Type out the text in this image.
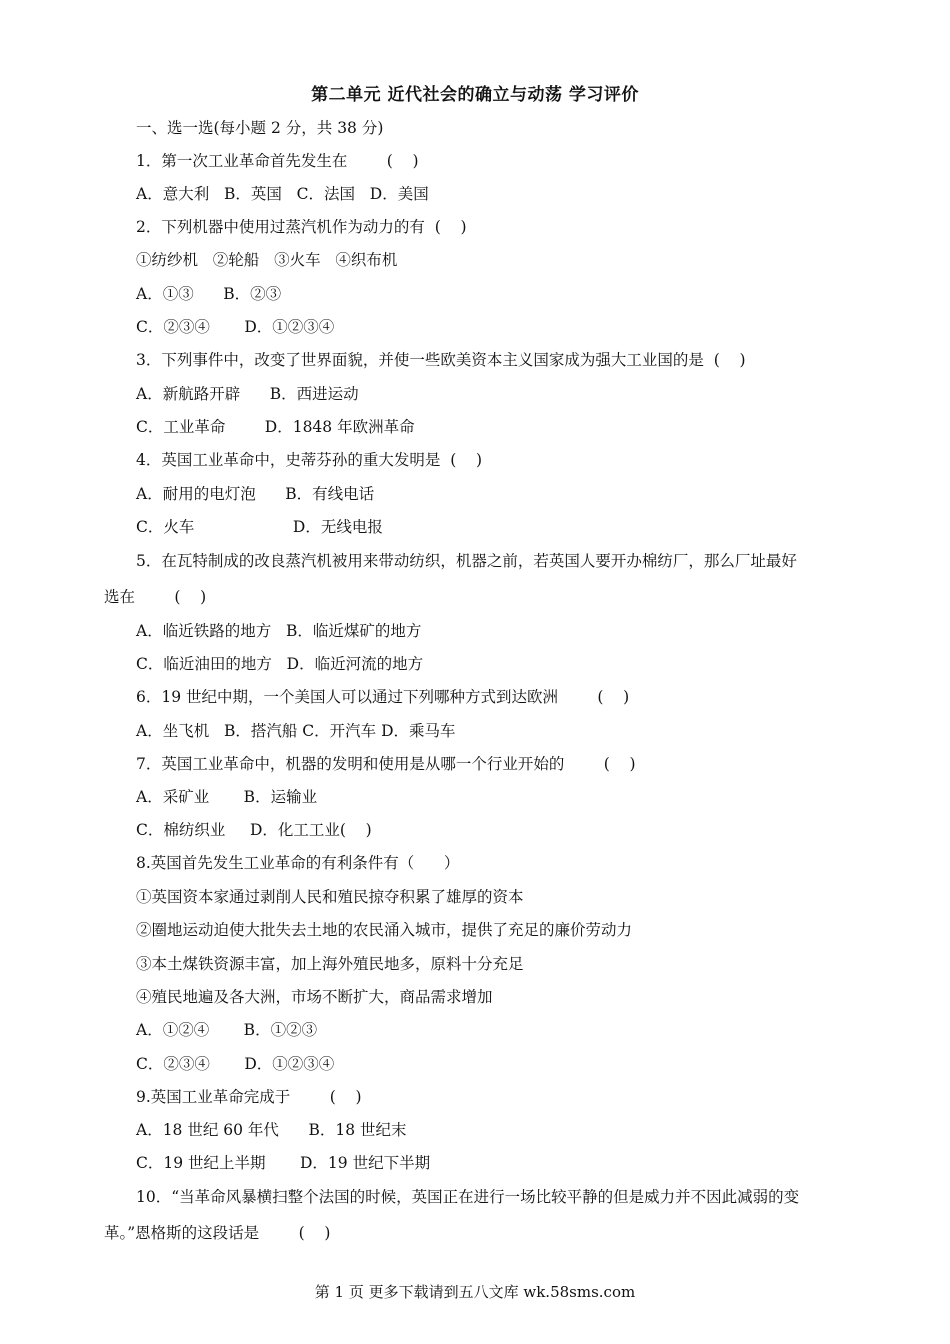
第二单元 近代社会的确立与动荡 学习评价
一、选一选(每小题 2 分，共 38 分)
1．第一次工业革命首先发生在        (    )
A．意大利   B．英国   C．法国   D．美国
2．下列机器中使用过蒸汽机作为动力的有  (    )
①纺纱机   ②轮船   ③火车   ④织布机
A．①③      B．②③
C．②③④       D．①②③④
3．下列事件中，改变了世界面貌，并使一些欧美资本主义国家成为强大工业国的是  (    )
A．新航路开辟      B．西进运动
C．工业革命        D．1848 年欧洲革命
4．英国工业革命中，史蒂芬孙的重大发明是  (    )
A．耐用的电灯泡      B．有线电话
C．火车                    D．无线电报
5．在瓦特制成的改良蒸汽机被用来带动纺织，机器之前，若英国人要开办棉纺厂，那么厂址最好
选在        (    )
A．临近铁路的地方   B．临近煤矿的地方
C．临近油田的地方   D．临近河流的地方
6．19 世纪中期，一个美国人可以通过下列哪种方式到达欧洲        (    )
A．坐飞机   B．搭汽船 C．开汽车 D．乘马车
7．英国工业革命中，机器的发明和使用是从哪一个行业开始的        (    )
A．采矿业       B．运输业
C．棉纺织业     D．化工工业(    )
8.英国首先发生工业革命的有利条件有（      ）
①英国资本家通过剥削人民和殖民掠夺积累了雄厚的资本
②圈地运动迫使大批失去土地的农民涌入城市，提供了充足的廉价劳动力
③本土煤铁资源丰富，加上海外殖民地多，原料十分充足
④殖民地遍及各大洲，市场不断扩大，商品需求增加
A．①②④       B．①②③
C．②③④       D．①②③④
9.英国工业革命完成于        (    )
A．18 世纪 60 年代      B．18 世纪末
C．19 世纪上半期       D．19 世纪下半期
10．“当革命风暴横扫整个法国的时候，英国正在进行一场比较平静的但是威力并不因此减弱的变
革。”恩格斯的这段话是        (    )
第 1 页 更多下载请到五八文库 wk.58sms.com
